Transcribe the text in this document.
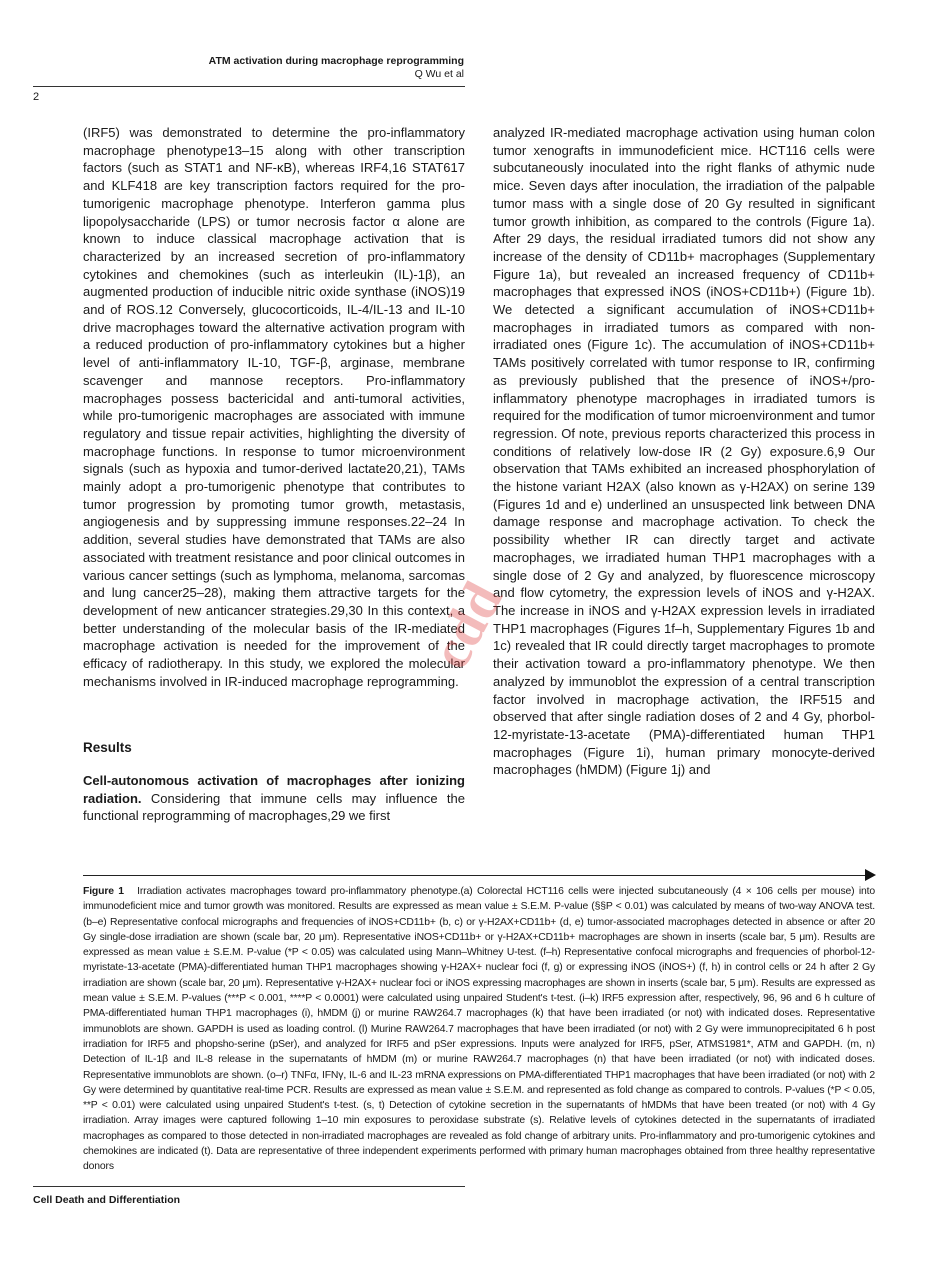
ATM activation during macrophage reprogramming
Q Wu et al
2

(IRF5) was demonstrated to determine the pro-inflammatory macrophage phenotype13–15 along with other transcription factors (such as STAT1 and NF-κB), whereas IRF4,16 STAT617 and KLF418 are key transcription factors required for the pro-tumorigenic macrophage phenotype. Interferon gamma plus lipopolysaccharide (LPS) or tumor necrosis factor α alone are known to induce classical macrophage activation that is characterized by an increased secretion of pro-inflammatory cytokines and chemokines (such as interleukin (IL)-1β), an augmented production of inducible nitric oxide synthase (iNOS)19 and of ROS.12 Conversely, glucocorticoids, IL-4/IL-13 and IL-10 drive macrophages toward the alternative activation program with a reduced production of pro-inflammatory cytokines but a higher level of anti-inflammatory IL-10, TGF-β, arginase, membrane scavenger and mannose receptors. Pro-inflammatory macrophages possess bactericidal and anti-tumoral activities, while pro-tumorigenic macrophages are associated with immune regulatory and tissue repair activities, highlighting the diversity of macrophage functions. In response to tumor microenvironment signals (such as hypoxia and tumor-derived lactate20,21), TAMs mainly adopt a pro-tumorigenic phenotype that contributes to tumor progression by promoting tumor growth, metastasis, angiogenesis and by suppressing immune responses.22–24 In addition, several studies have demonstrated that TAMs are also associated with treatment resistance and poor clinical outcomes in various cancer settings (such as lymphoma, melanoma, sarcomas and lung cancer25–28), making them attractive targets for the development of new anticancer strategies.29,30 In this context, a better understanding of the molecular basis of the IR-mediated macrophage activation is needed for the improvement of the efficacy of radiotherapy. In this study, we explored the molecular mechanisms involved in IR-induced macrophage reprogramming.

Results
Cell-autonomous activation of macrophages after ionizing radiation. Considering that immune cells may influence the functional reprogramming of macrophages,29 we first

analyzed IR-mediated macrophage activation using human colon tumor xenografts in immunodeficient mice. HCT116 cells were subcutaneously inoculated into the right flanks of athymic nude mice. Seven days after inoculation, the irradiation of the palpable tumor mass with a single dose of 20 Gy resulted in significant tumor growth inhibition, as compared to the controls (Figure 1a). After 29 days, the residual irradiated tumors did not show any increase of the density of CD11b+ macrophages (Supplementary Figure 1a), but revealed an increased frequency of CD11b+ macrophages that expressed iNOS (iNOS+CD11b+) (Figure 1b). We detected a significant accumulation of iNOS+CD11b+ macrophages in irradiated tumors as compared with non-irradiated ones (Figure 1c). The accumulation of iNOS+CD11b+ TAMs positively correlated with tumor response to IR, confirming as previously published that the presence of iNOS+/pro-inflammatory phenotype macrophages in irradiated tumors is required for the modification of tumor microenvironment and tumor regression. Of note, previous reports characterized this process in conditions of relatively low-dose IR (2 Gy) exposure.6,9 Our observation that TAMs exhibited an increased phosphorylation of the histone variant H2AX (also known as γ-H2AX) on serine 139 (Figures 1d and e) underlined an unsuspected link between DNA damage response and macrophage activation. To check the possibility whether IR can directly target and activate macrophages, we irradiated human THP1 macrophages with a single dose of 2 Gy and analyzed, by fluorescence microscopy and flow cytometry, the expression levels of iNOS and γ-H2AX. The increase in iNOS and γ-H2AX expression levels in irradiated THP1 macrophages (Figures 1f–h, Supplementary Figures 1b and 1c) revealed that IR could directly target macrophages to promote their activation toward a pro-inflammatory phenotype. We then analyzed by immunoblot the expression of a central transcription factor involved in macrophage activation, the IRF515 and observed that after single radiation doses of 2 and 4 Gy, phorbol-12-myristate-13-acetate (PMA)-differentiated human THP1 macrophages (Figure 1i), human primary monocyte-derived macrophages (hMDM) (Figure 1j) and

Figure 1 Irradiation activates macrophages toward pro-inflammatory phenotype.(a) Colorectal HCT116 cells were injected subcutaneously (4 × 106 cells per mouse) into immunodeficient mice and tumor growth was monitored. Results are expressed as mean value ± S.E.M. P-value (§§P < 0.01) was calculated by means of two-way ANOVA test. (b–e) Representative confocal micrographs and frequencies of iNOS+CD11b+ (b, c) or γ-H2AX+CD11b+ (d, e) tumor-associated macrophages detected in absence or after 20 Gy single-dose irradiation are shown (scale bar, 20 μm). Representative iNOS+CD11b+ or γ-H2AX+CD11b+ macrophages are shown in inserts (scale bar, 5 μm). Results are expressed as mean value ± S.E.M. P-value (*P < 0.05) was calculated using Mann–Whitney U-test. (f–h) Representative confocal micrographs and frequencies of phorbol-12-myristate-13-acetate (PMA)-differentiated human THP1 macrophages showing γ-H2AX+ nuclear foci (f, g) or expressing iNOS (iNOS+) (f, h) in control cells or 24 h after 2 Gy irradiation are shown (scale bar, 20 μm). Representative γ-H2AX+ nuclear foci or iNOS expressing macrophages are shown in inserts (scale bar, 5 μm). Results are expressed as mean value ± S.E.M. P-values (***P < 0.001, ****P < 0.0001) were calculated using unpaired Student's t-test. (i–k) IRF5 expression after, respectively, 96, 96 and 6 h culture of PMA-differentiated human THP1 macrophages (i), hMDM (j) or murine RAW264.7 macrophages (k) that have been irradiated (or not) with indicated doses. Representative immunoblots are shown. GAPDH is used as loading control. (l) Murine RAW264.7 macrophages that have been irradiated (or not) with 2 Gy were immunoprecipitated 6 h post irradiation for IRF5 and phopsho-serine (pSer), and analyzed for IRF5 and pSer expressions. Inputs were analyzed for IRF5, pSer, ATMS1981*, ATM and GAPDH. (m, n) Detection of IL-1β and IL-8 release in the supernatants of hMDM (m) or murine RAW264.7 macrophages (n) that have been irradiated (or not) with indicated doses. Representative immunoblots are shown. (o–r) TNFα, IFNγ, IL-6 and IL-23 mRNA expressions on PMA-differentiated THP1 macrophages that have been irradiated (or not) with 2 Gy were determined by quantitative real-time PCR. Results are expressed as mean value ± S.E.M. and represented as fold change as compared to controls. P-values (*P < 0.05, **P < 0.01) were calculated using unpaired Student's t-test. (s, t) Detection of cytokine secretion in the supernatants of hMDMs that have been treated (or not) with 4 Gy irradiation. Array images were captured following 1–10 min exposures to peroxidase substrate (s). Relative levels of cytokines detected in the supernatants of irradiated macrophages as compared to those detected in non-irradiated macrophages are revealed as fold change of arbitrary units. Pro-inflammatory and pro-tumorigenic cytokines and chemokines are indicated (t). Data are representative of three independent experiments performed with primary human macrophages obtained from three healthy representative donors
Cell Death and Differentiation
cdd
